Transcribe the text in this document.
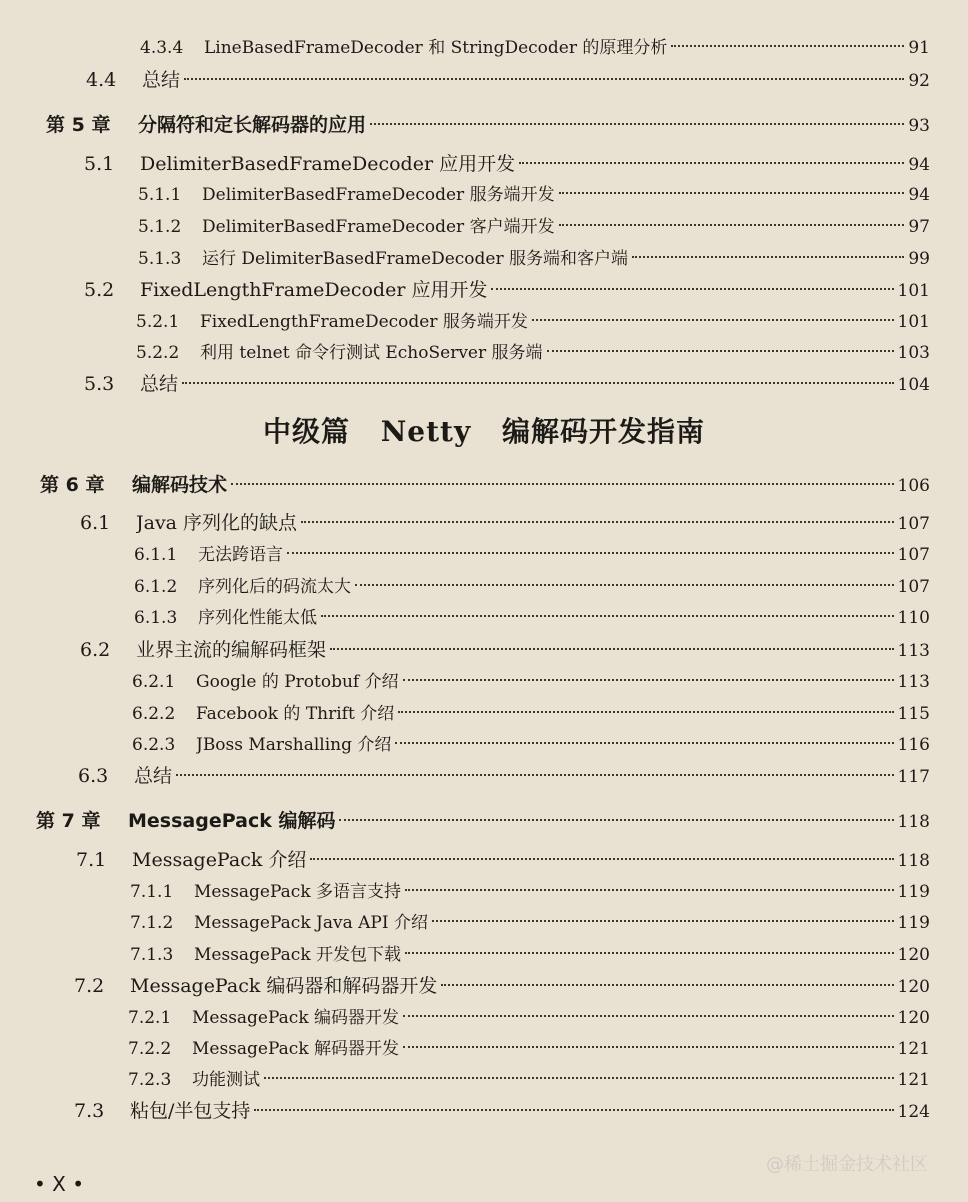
4.3.4	LineBasedFrameDecoder 和 StringDecoder 的原理分析	91
4.4	总结	92
第 5 章	分隔符和定长解码器的应用	93
5.1	DelimiterBasedFrameDecoder 应用开发	94
5.1.1	DelimiterBasedFrameDecoder 服务端开发	94
5.1.2	DelimiterBasedFrameDecoder 客户端开发	97
5.1.3	运行 DelimiterBasedFrameDecoder 服务端和客户端	99
5.2	FixedLengthFrameDecoder 应用开发	101
5.2.1	FixedLengthFrameDecoder 服务端开发	101
5.2.2	利用 telnet 命令行测试 EchoServer 服务端	103
5.3	总结	104
中级篇 Netty 编解码开发指南
第 6 章	编解码技术	106
6.1	Java 序列化的缺点	107
6.1.1	无法跨语言	107
6.1.2	序列化后的码流太大	107
6.1.3	序列化性能太低	110
6.2	业界主流的编解码框架	113
6.2.1	Google 的 Protobuf 介绍	113
6.2.2	Facebook 的 Thrift 介绍	115
6.2.3	JBoss Marshalling 介绍	116
6.3	总结	117
第 7 章	MessagePack 编解码	118
7.1	MessagePack 介绍	118
7.1.1	MessagePack 多语言支持	119
7.1.2	MessagePack Java API 介绍	119
7.1.3	MessagePack 开发包下载	120
7.2	MessagePack 编码器和解码器开发	120
7.2.1	MessagePack 编码器开发	120
7.2.2	MessagePack 解码器开发	121
7.2.3	功能测试	121
7.3	粘包/半包支持	124
• X •
@稀土掘金技术社区
